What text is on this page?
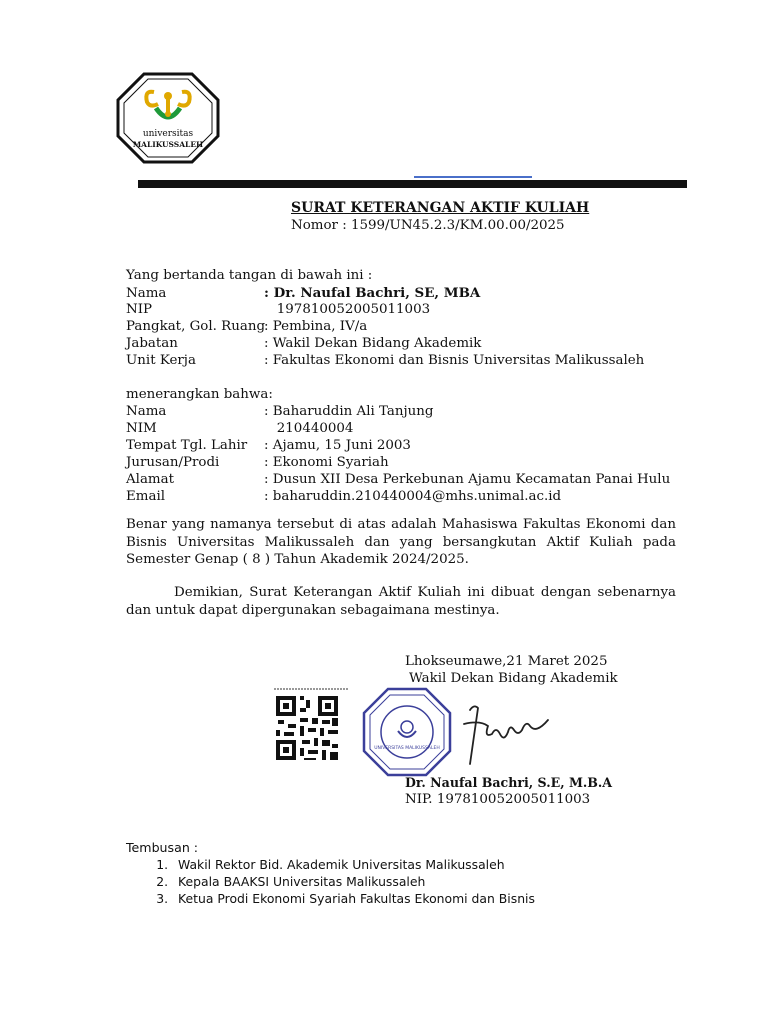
universitas
MALIKUSSALEH
SURAT KETERANGAN AKTIF KULIAH
Nomor : 1599/UN45.2.3/KM.00.00/2025
Yang bertanda tangan di bawah ini :
Nama	: Dr. Naufal Bachri, SE, MBA
NIP	197810052005011003
Pangkat, Gol. Ruang: Pembina, IV/a
Jabatan	: Wakil Dekan Bidang Akademik
Unit Kerja	: Fakultas Ekonomi dan Bisnis Universitas Malikussaleh
menerangkan bahwa:
Nama	: Baharuddin Ali Tanjung
NIM	210440004
Tempat Tgl. Lahir : Ajamu, 15 Juni 2003
Jurusan/Prodi	: Ekonomi Syariah
Alamat	: Dusun XII Desa Perkebunan Ajamu Kecamatan Panai Hulu
Email	: baharuddin.210440004@mhs.unimal.ac.id
Benar yang namanya tersebut di atas adalah Mahasiswa Fakultas Ekonomi dan Bisnis Universitas Malikussaleh dan yang bersangkutan Aktif Kuliah pada Semester Genap ( 8 ) Tahun Akademik 2024/2025.
Demikian, Surat Keterangan Aktif Kuliah ini dibuat dengan sebenarnya dan untuk dapat dipergunakan sebagaimana mestinya.
Lhokseumawe,21 Maret 2025
Wakil Dekan Bidang Akademik
UNIVERSITAS MALIKUSSALEH
Dr. Naufal Bachri, S.E, M.B.A
NIP. 197810052005011003
Tembusan :
1. Wakil Rektor Bid. Akademik Universitas Malikussaleh
2. Kepala BAAKSI Universitas Malikussaleh
3. Ketua Prodi Ekonomi Syariah Fakultas Ekonomi dan Bisnis
